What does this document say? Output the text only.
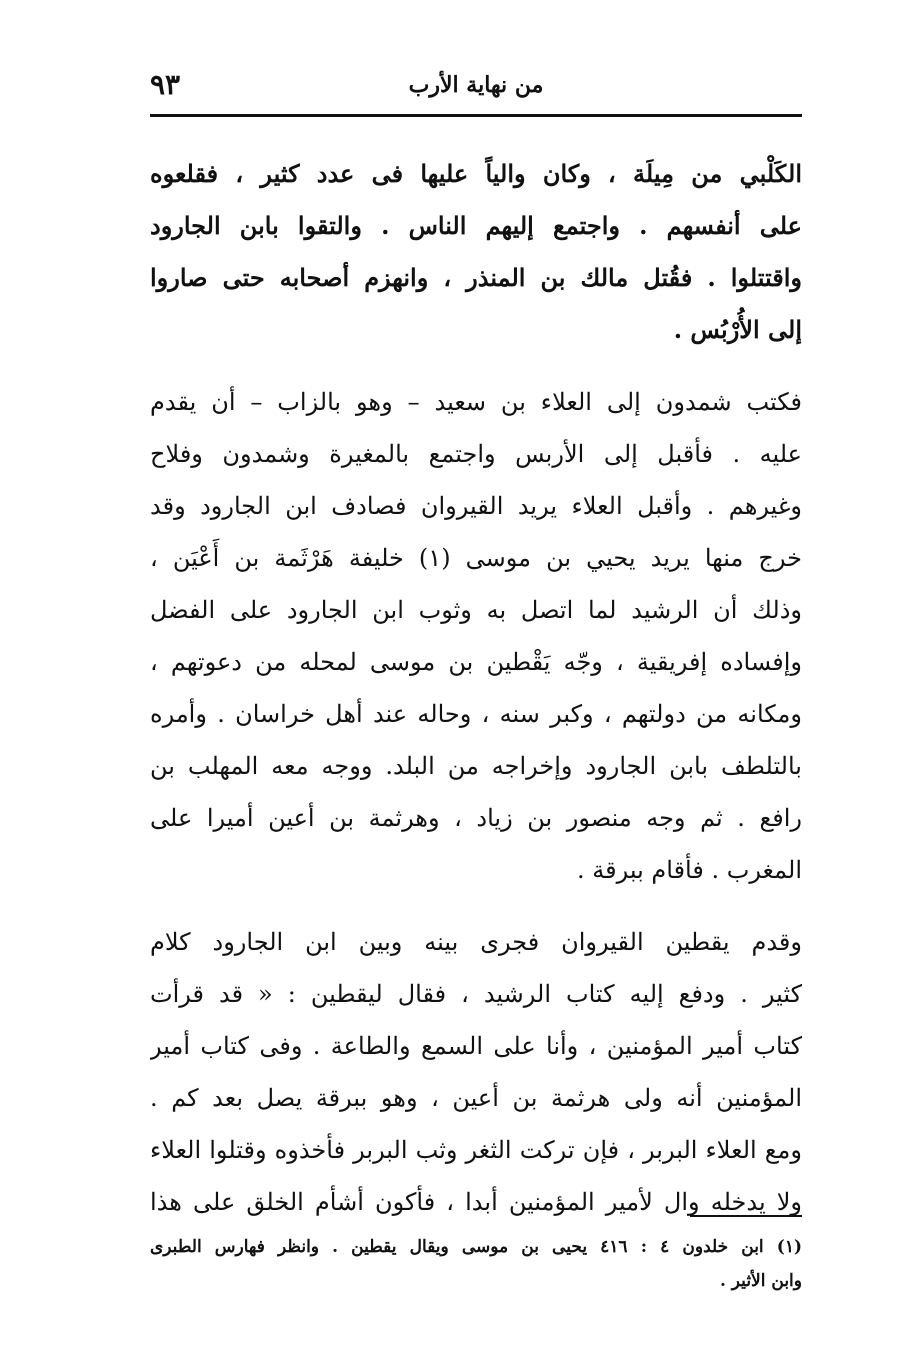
من نهاية الأرب
٩٣

الكَلْبي من مِيلَة ، وكان والياً عليها فى عدد كثير ، فقلعوه
على أنفسهم . واجتمع إليهم الناس . والتقوا بابن الجارود
واقتتلوا . فقُتل مالك بن المنذر ، وانهزم أصحابه حتى صاروا
إلى الأُرْبُس .

فكتب شمدون إلى العلاء بن سعيد – وهو بالزاب – أن يقدم
عليه . فأقبل إلى الأربس واجتمع بالمغيرة وشمدون وفلاح
وغيرهم . وأقبل العلاء يريد القيروان فصادف ابن الجارود وقد
خرج منها يريد يحيي بن موسى (١) خليفة هَرْثَمة بن أَعْيَن ،
وذلك أن الرشيد لما اتصل به وثوب ابن الجارود على الفضل
وإفساده إفريقية ، وجّه يَقْطين بن موسى لمحله من دعوتهم ،
ومكانه من دولتهم ، وكبر سنه ، وحاله عند أهل خراسان . وأمره
بالتلطف بابن الجارود وإخراجه من البلد. ووجه معه المهلب بن
رافع . ثم وجه منصور بن زياد ، وهرثمة بن أعين أميرا على
المغرب . فأقام ببرقة .

وقدم يقطين القيروان فجرى بينه وبين ابن الجارود كلام
كثير . ودفع إليه كتاب الرشيد ، فقال ليقطين : « قد قرأت
كتاب أمير المؤمنين ، وأنا على السمع والطاعة . وفى كتاب أمير
المؤمنين أنه ولى هرثمة بن أعين ، وهو ببرقة يصل بعد كم .
ومع العلاء البربر ، فإن تركت الثغر وثب البربر فأخذوه وقتلوا العلاء
ولا يدخله وال لأمير المؤمنين أبدا ، فأكون أشأم الخلق على هذا

(١) ابن خلدون ٤ : ٤١٦ يحيى بن موسى ويقال يقطين . وانظر فهارس الطبرى
وابن الأثير .
